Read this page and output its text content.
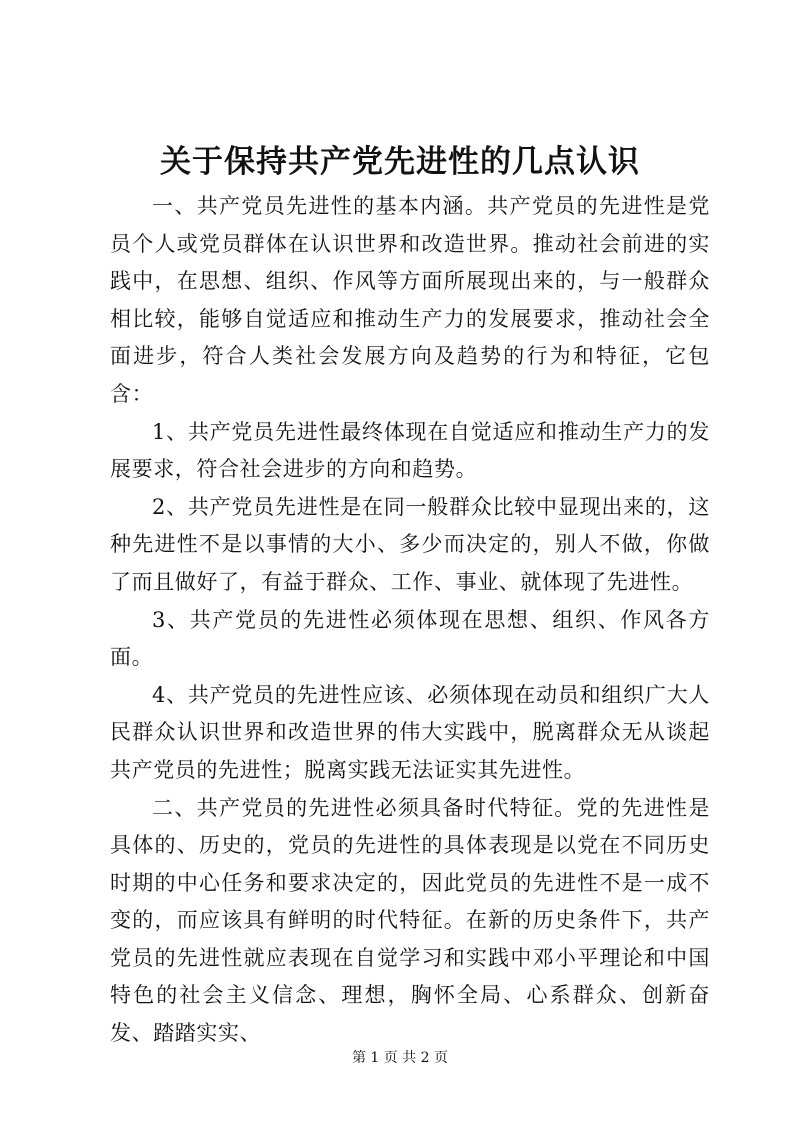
关于保持共产党先进性的几点认识

一、共产党员先进性的基本内涵。共产党员的先进性是党员个人或党员群体在认识世界和改造世界。推动社会前进的实践中，在思想、组织、作风等方面所展现出来的，与一般群众相比较，能够自觉适应和推动生产力的发展要求，推动社会全面进步，符合人类社会发展方向及趋势的行为和特征，它包含：

1、共产党员先进性最终体现在自觉适应和推动生产力的发展要求，符合社会进步的方向和趋势。

2、共产党员先进性是在同一般群众比较中显现出来的，这种先进性不是以事情的大小、多少而决定的，别人不做，你做了而且做好了，有益于群众、工作、事业、就体现了先进性。

3、共产党员的先进性必须体现在思想、组织、作风各方面。

4、共产党员的先进性应该、必须体现在动员和组织广大人民群众认识世界和改造世界的伟大实践中，脱离群众无从谈起共产党员的先进性；脱离实践无法证实其先进性。

二、共产党员的先进性必须具备时代特征。党的先进性是具体的、历史的，党员的先进性的具体表现是以党在不同历史时期的中心任务和要求决定的，因此党员的先进性不是一成不变的，而应该具有鲜明的时代特征。在新的历史条件下，共产党员的先进性就应表现在自觉学习和实践中邓小平理论和中国特色的社会主义信念、理想，胸怀全局、心系群众、创新奋发、踏踏实实、

第 1 页 共 2 页
